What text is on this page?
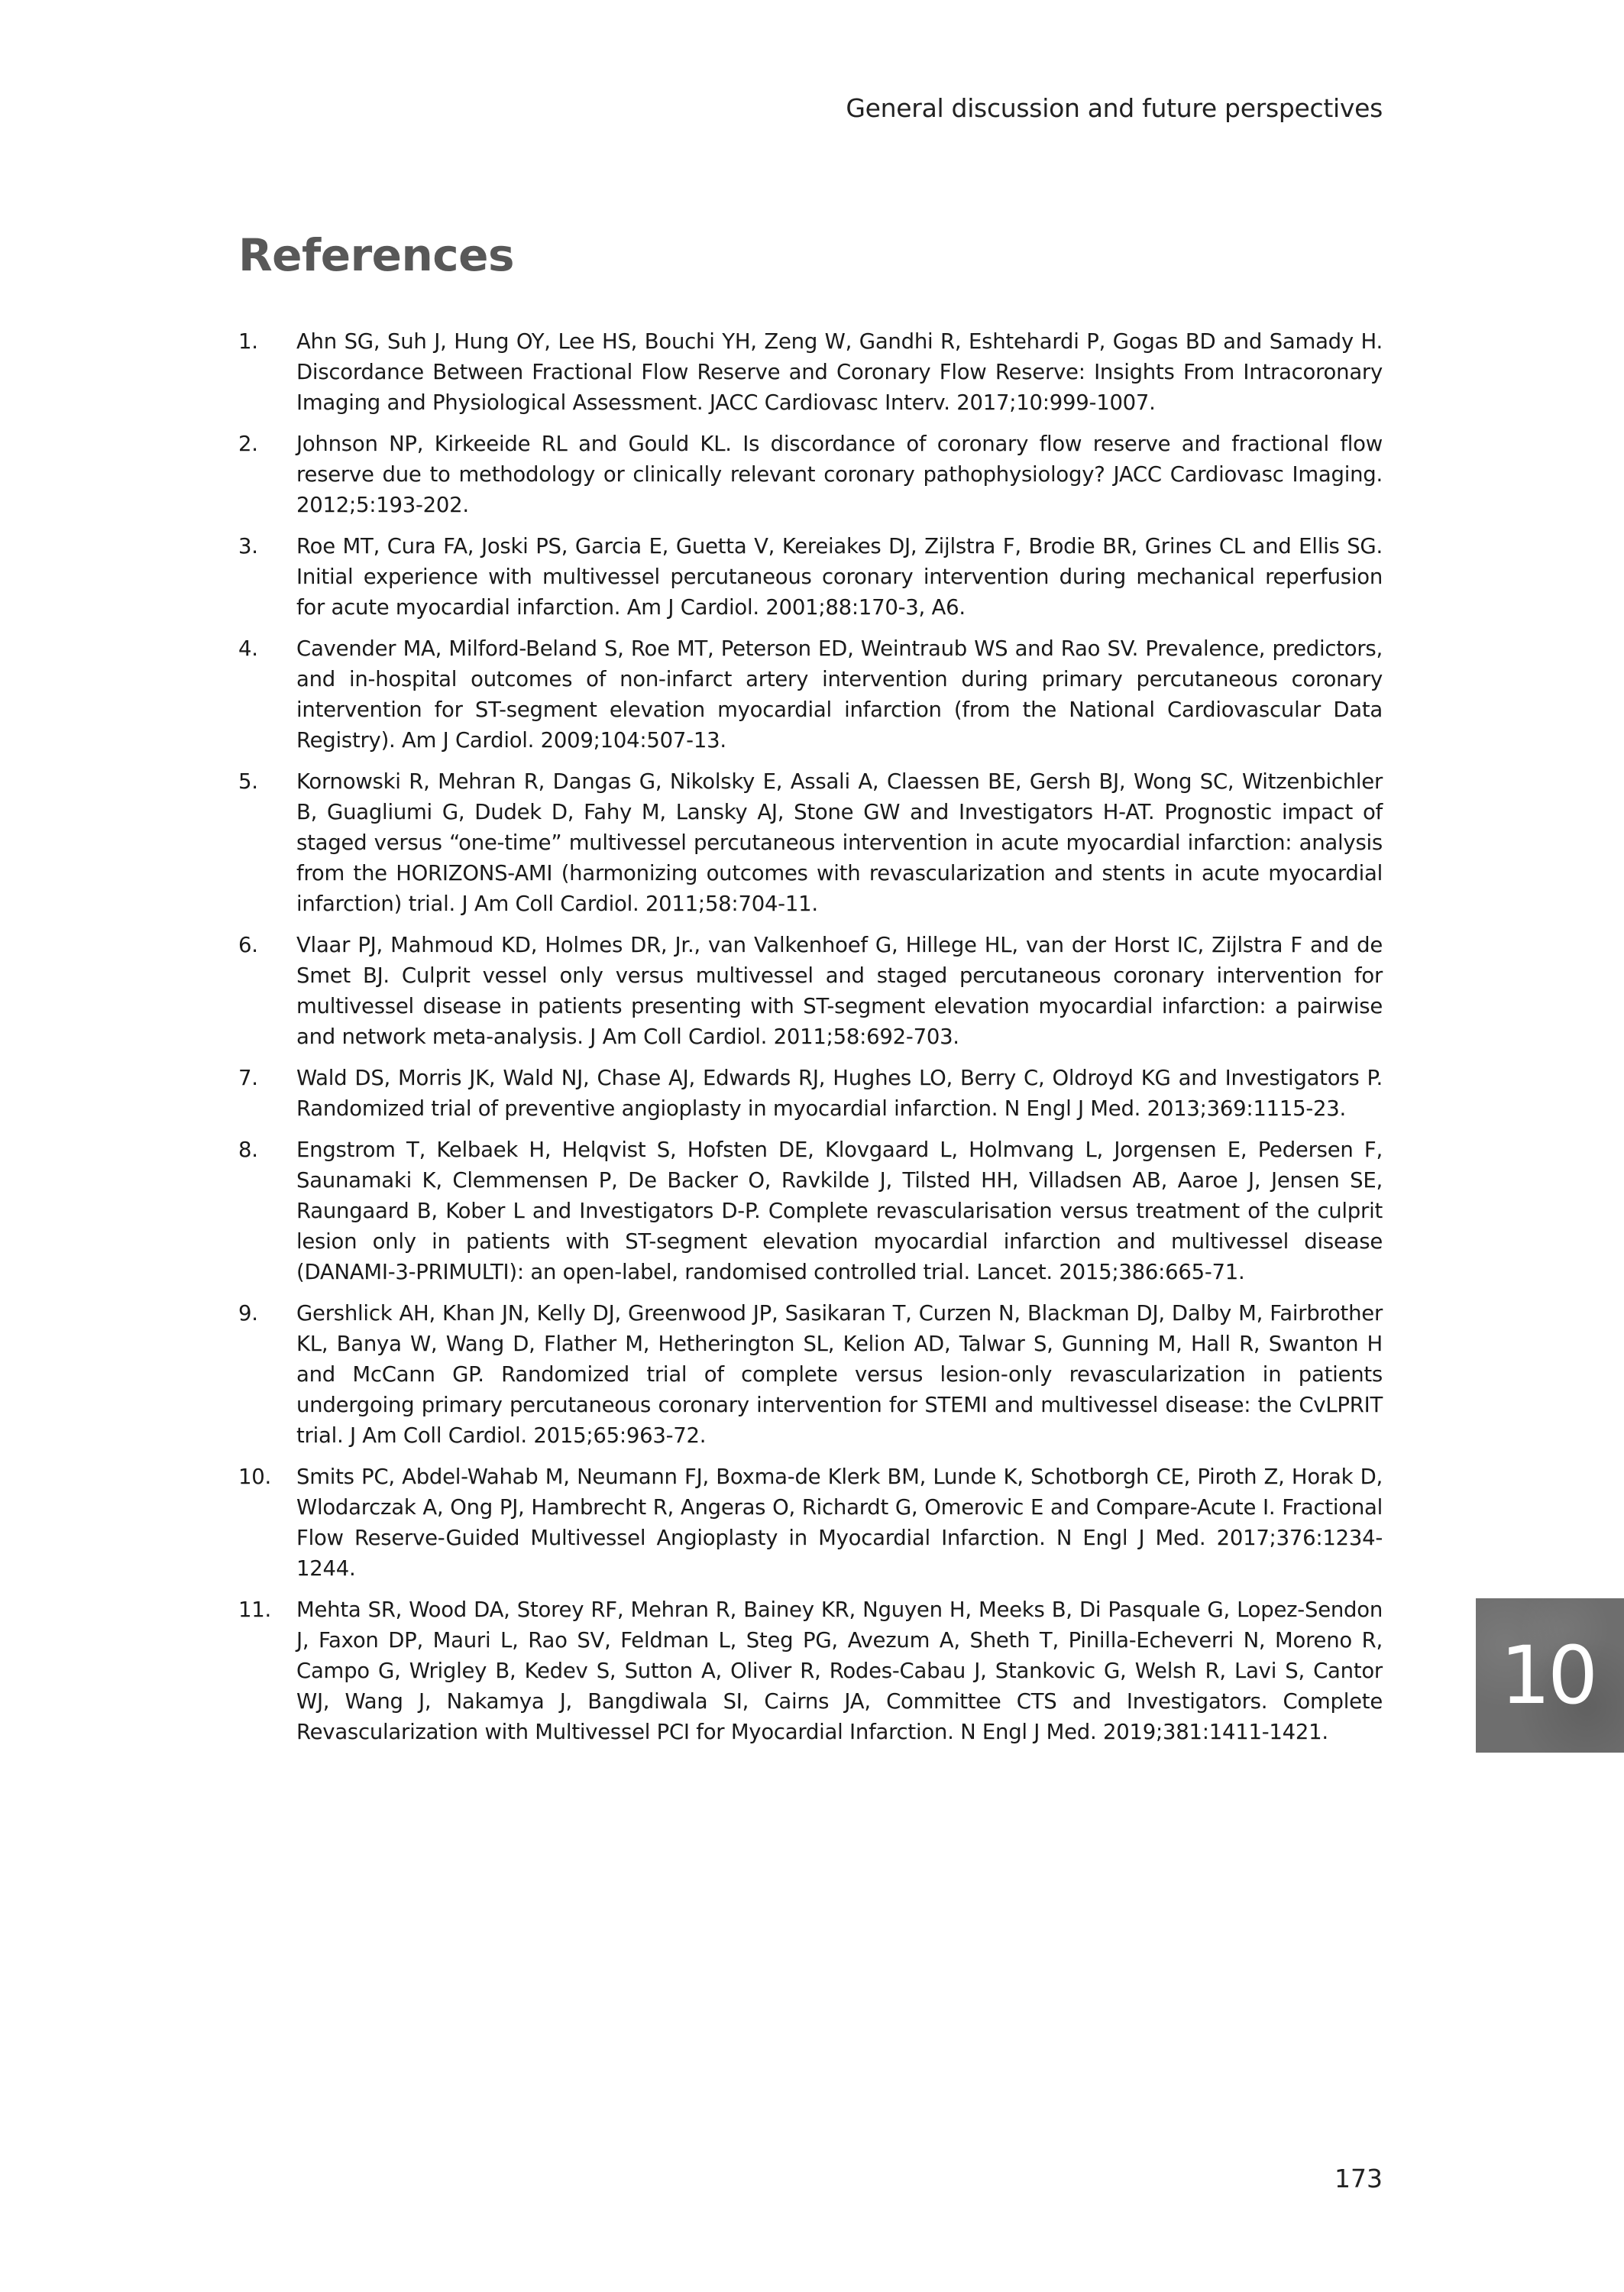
General discussion and future perspectives
References
1.	Ahn SG, Suh J, Hung OY, Lee HS, Bouchi YH, Zeng W, Gandhi R, Eshtehardi P, Gogas BD and Samady H. Discordance Between Fractional Flow Reserve and Coronary Flow Reserve: Insights From Intracoronary Imaging and Physiological Assessment. JACC Cardiovasc Interv. 2017;10:999-1007.
2.	Johnson NP, Kirkeeide RL and Gould KL. Is discordance of coronary flow reserve and fractional flow reserve due to methodology or clinically relevant coronary pathophysiology? JACC Cardiovasc Imaging. 2012;5:193-202.
3.	Roe MT, Cura FA, Joski PS, Garcia E, Guetta V, Kereiakes DJ, Zijlstra F, Brodie BR, Grines CL and Ellis SG. Initial experience with multivessel percutaneous coronary intervention during mechanical reperfusion for acute myocardial infarction. Am J Cardiol. 2001;88:170-3, A6.
4.	Cavender MA, Milford-Beland S, Roe MT, Peterson ED, Weintraub WS and Rao SV. Prevalence, predictors, and in-hospital outcomes of non-infarct artery intervention during primary percutaneous coronary intervention for ST-segment elevation myocardial infarction (from the National Cardiovascular Data Registry). Am J Cardiol. 2009;104:507-13.
5.	Kornowski R, Mehran R, Dangas G, Nikolsky E, Assali A, Claessen BE, Gersh BJ, Wong SC, Witzenbichler B, Guagliumi G, Dudek D, Fahy M, Lansky AJ, Stone GW and Investigators H-AT. Prognostic impact of staged versus “one-time” multivessel percutaneous intervention in acute myocardial infarction: analysis from the HORIZONS-AMI (harmonizing outcomes with revascularization and stents in acute myocardial infarction) trial. J Am Coll Cardiol. 2011;58:704-11.
6.	Vlaar PJ, Mahmoud KD, Holmes DR, Jr., van Valkenhoef G, Hillege HL, van der Horst IC, Zijlstra F and de Smet BJ. Culprit vessel only versus multivessel and staged percutaneous coronary intervention for multivessel disease in patients presenting with ST-segment elevation myocardial infarction: a pairwise and network meta-analysis. J Am Coll Cardiol. 2011;58:692-703.
7.	Wald DS, Morris JK, Wald NJ, Chase AJ, Edwards RJ, Hughes LO, Berry C, Oldroyd KG and Investigators P. Randomized trial of preventive angioplasty in myocardial infarction. N Engl J Med. 2013;369:1115-23.
8.	Engstrom T, Kelbaek H, Helqvist S, Hofsten DE, Klovgaard L, Holmvang L, Jorgensen E, Pedersen F, Saunamaki K, Clemmensen P, De Backer O, Ravkilde J, Tilsted HH, Villadsen AB, Aaroe J, Jensen SE, Raungaard B, Kober L and Investigators D-P. Complete revascularisation versus treatment of the culprit lesion only in patients with ST-segment elevation myocardial infarction and multivessel disease (DANAMI-3-PRIMULTI): an open-label, randomised controlled trial. Lancet. 2015;386:665-71.
9.	Gershlick AH, Khan JN, Kelly DJ, Greenwood JP, Sasikaran T, Curzen N, Blackman DJ, Dalby M, Fairbrother KL, Banya W, Wang D, Flather M, Hetherington SL, Kelion AD, Talwar S, Gunning M, Hall R, Swanton H and McCann GP. Randomized trial of complete versus lesion-only revascularization in patients undergoing primary percutaneous coronary intervention for STEMI and multivessel disease: the CvLPRIT trial. J Am Coll Cardiol. 2015;65:963-72.
10.	Smits PC, Abdel-Wahab M, Neumann FJ, Boxma-de Klerk BM, Lunde K, Schotborgh CE, Piroth Z, Horak D, Wlodarczak A, Ong PJ, Hambrecht R, Angeras O, Richardt G, Omerovic E and Compare-Acute I. Fractional Flow Reserve-Guided Multivessel Angioplasty in Myocardial Infarction. N Engl J Med. 2017;376:1234-1244.
11.	Mehta SR, Wood DA, Storey RF, Mehran R, Bainey KR, Nguyen H, Meeks B, Di Pasquale G, Lopez-Sendon J, Faxon DP, Mauri L, Rao SV, Feldman L, Steg PG, Avezum A, Sheth T, Pinilla-Echeverri N, Moreno R, Campo G, Wrigley B, Kedev S, Sutton A, Oliver R, Rodes-Cabau J, Stankovic G, Welsh R, Lavi S, Cantor WJ, Wang J, Nakamya J, Bangdiwala SI, Cairns JA, Committee CTS and Investigators. Complete Revascularization with Multivessel PCI for Myocardial Infarction. N Engl J Med. 2019;381:1411-1421.
10
173
